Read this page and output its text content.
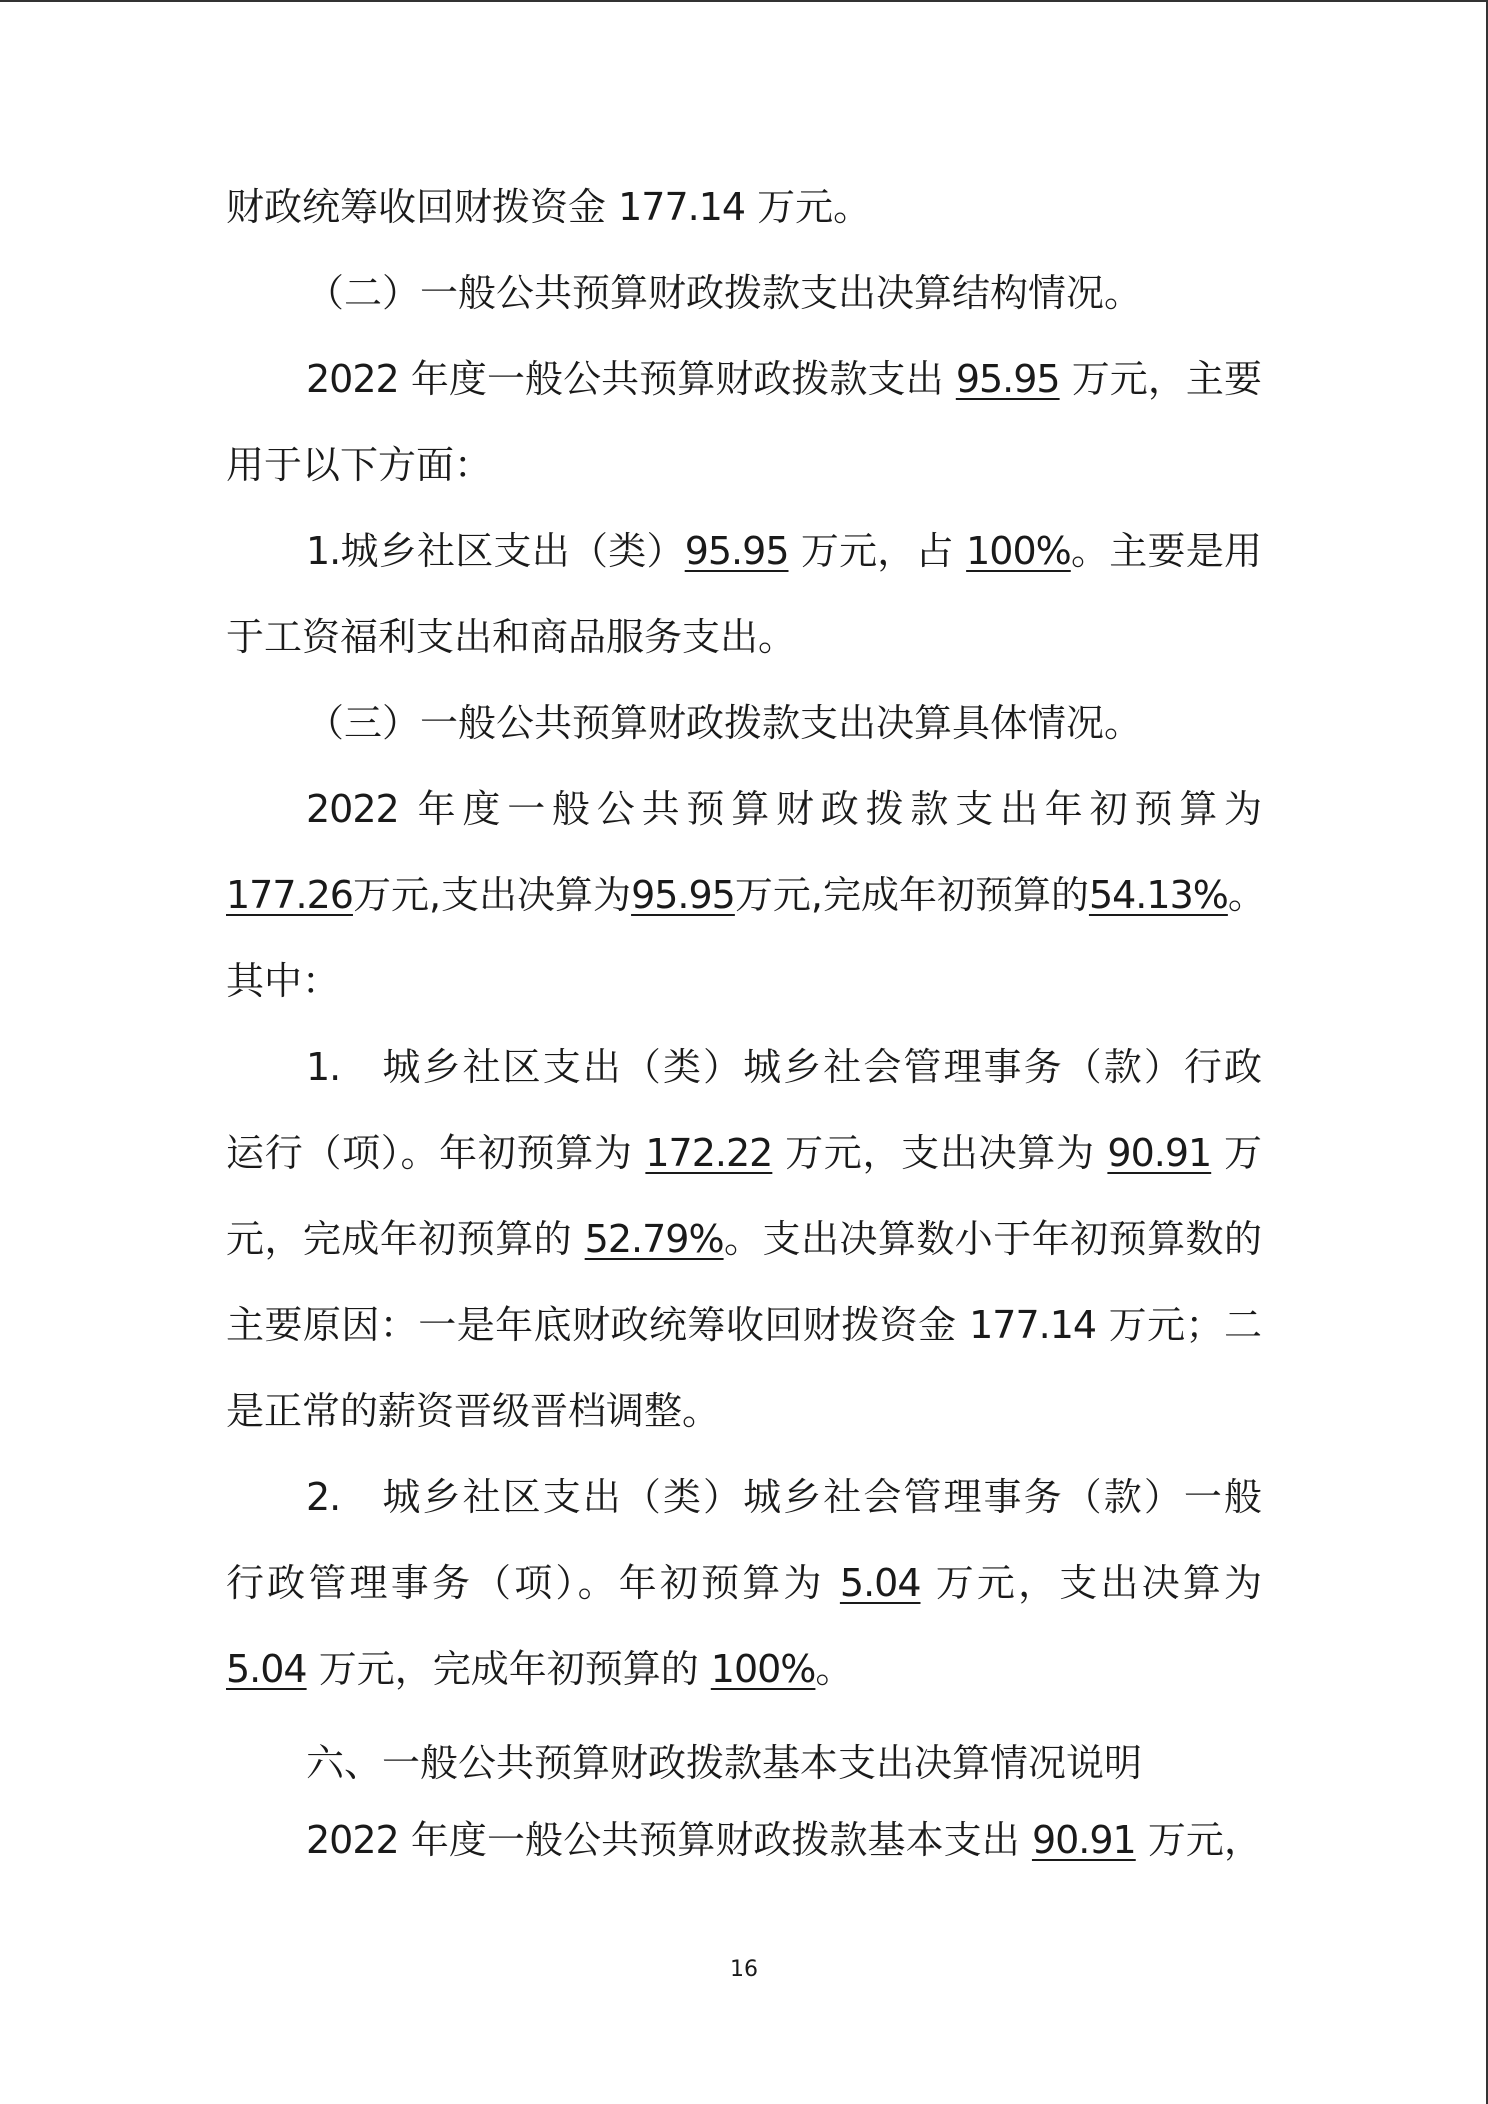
财政统筹收回财拨资金 177.14 万元。
（二）一般公共预算财政拨款支出决算结构情况。
2022 年度一般公共预算财政拨款支出 95.95 万元，主要
用于以下方面：
1.城乡社区支出（类）95.95 万元，占 100%。主要是用
于工资福利支出和商品服务支出。
（三）一般公共预算财政拨款支出决算具体情况。
2022 年度一般公共预算财政拨款支出年初预算为
177.26万元,支出决算为95.95万元,完成年初预算的54.13%。
其中：
1.　城乡社区支出（类）城乡社会管理事务（款）行政
运行（项）。年初预算为 172.22 万元，支出决算为 90.91 万
元，完成年初预算的 52.79%。支出决算数小于年初预算数的
主要原因：一是年底财政统筹收回财拨资金 177.14 万元；二
是正常的薪资晋级晋档调整。
2.　城乡社区支出（类）城乡社会管理事务（款）一般
行政管理事务（项）。年初预算为 5.04 万元，支出决算为
5.04 万元，完成年初预算的 100%。
六、一般公共预算财政拨款基本支出决算情况说明
2022 年度一般公共预算财政拨款基本支出 90.91 万元，
16
